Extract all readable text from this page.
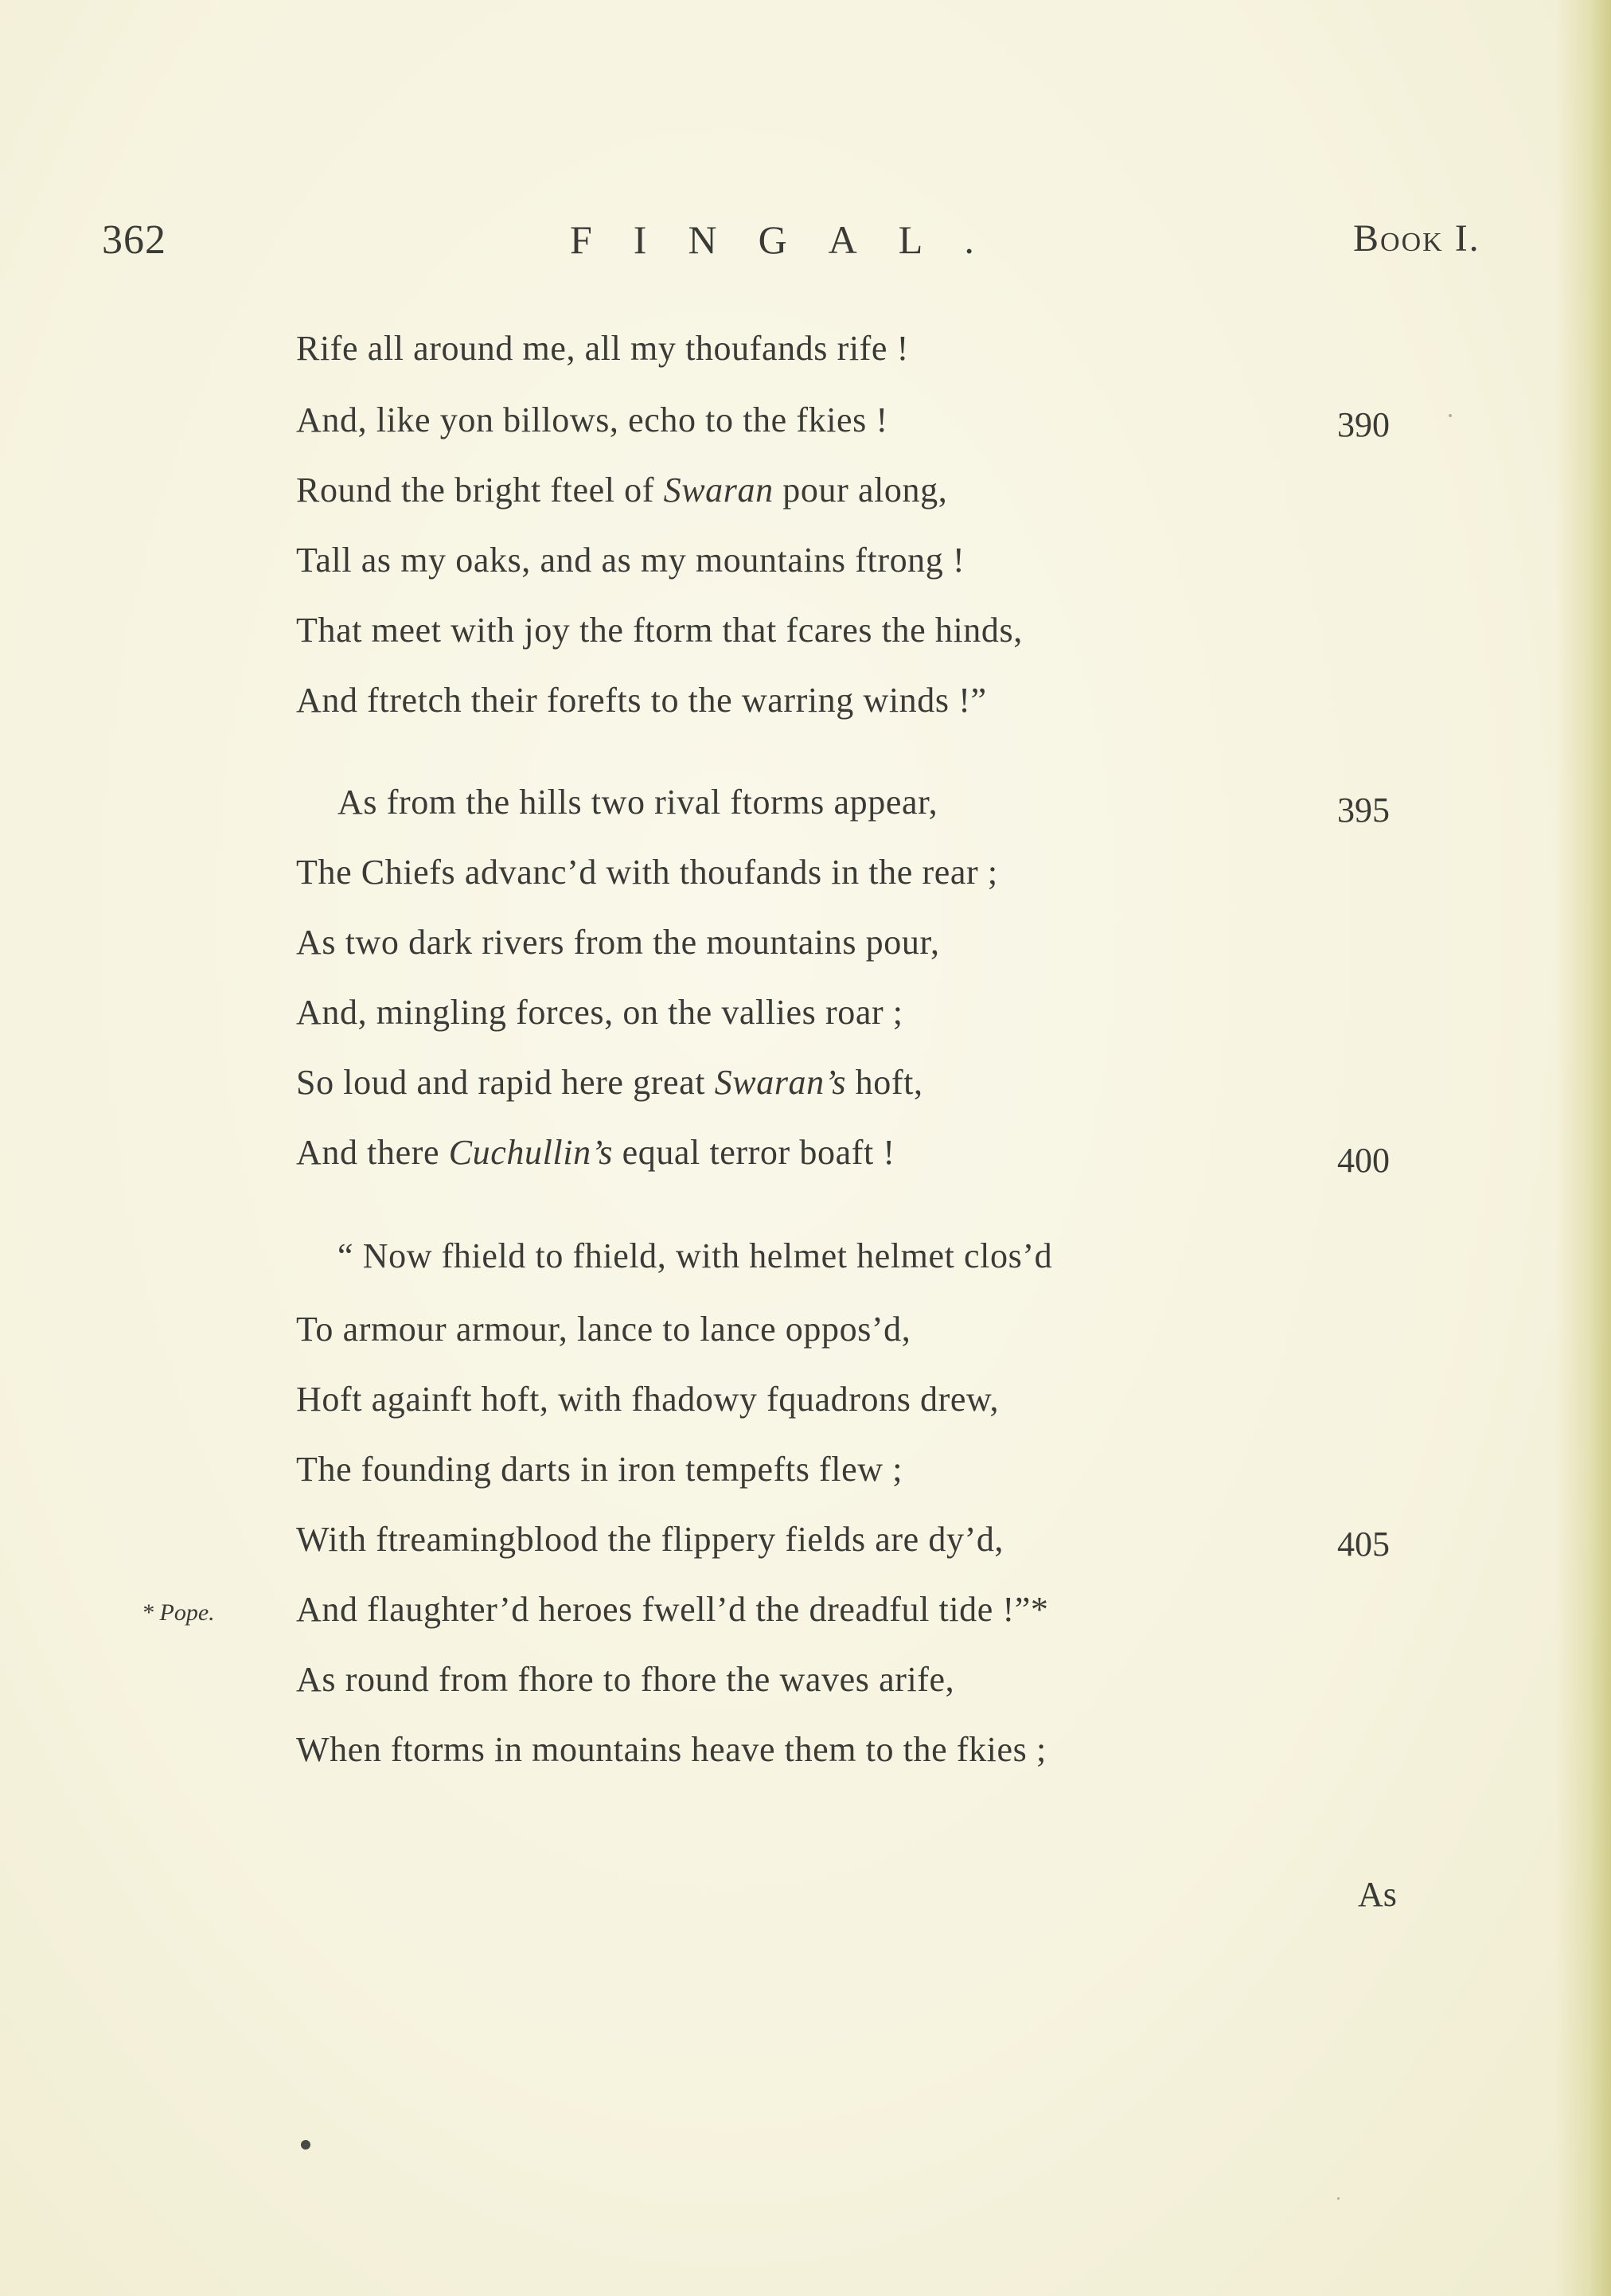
362	FINGAL.	Book I.
Rife all around me, all my thoufands rife !
And, like yon billows, echo to the fkies !
Round the bright fteel of Swaran pour along,
Tall as my oaks, and as my mountains ftrong !
That meet with joy the ftorm that fcares the hinds,
And ftretch their forefts to the warring winds !”
As from the hills two rival ftorms appear,
The Chiefs advanc’d with thoufands in the rear ;
As two dark rivers from the mountains pour,
And, mingling forces, on the vallies roar ;
So loud and rapid here great Swaran’s hoft,
And there Cuchullin’s equal terror boaft !
“ Now fhield to fhield, with helmet helmet clos’d
To armour armour, lance to lance oppos’d,
Hoft againft hoft, with fhadowy fquadrons drew,
The founding darts in iron tempefts flew ;
With ftreamingblood the flippery fields are dy’d,
And flaughter’d heroes fwell’d the dreadful tide !”*
As round from fhore to fhore the waves arife,
When ftorms in mountains heave them to the fkies ;
390
395
400
405
* Pope.
As
